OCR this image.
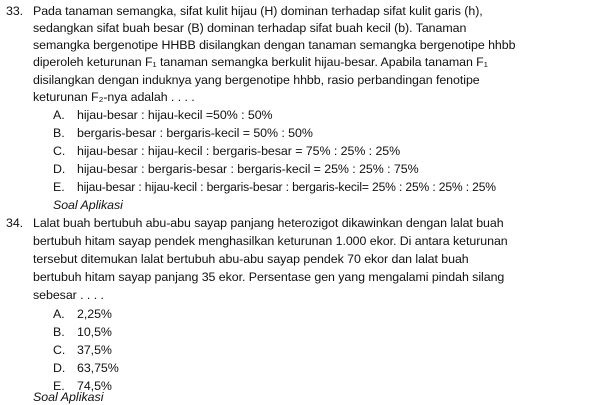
33. Pada tanaman semangka, sifat kulit hijau (H) dominan terhadap sifat kulit garis (h),
sedangkan sifat buah besar (B) dominan terhadap sifat buah kecil (b). Tanaman
semangka bergenotipe HHBB disilangkan dengan tanaman semangka bergenotipe hhbb
diperoleh keturunan F₁ tanaman semangka berkulit hijau-besar. Apabila tanaman F₁
disilangkan dengan induknya yang bergenotipe hhbb, rasio perbandingan fenotipe
keturunan F₂-nya adalah . . . .
A. hijau-besar : hijau-kecil =50% : 50%
B. bergaris-besar : bergaris-kecil = 50% : 50%
C. hijau-besar : hijau-kecil : bergaris-besar = 75% : 25% : 25%
D. hijau-besar : bergaris-besar : bergaris-kecil = 25% : 25% : 75%
E. hijau-besar : hijau-kecil : bergaris-besar : bergaris-kecil= 25% : 25% : 25% : 25%
Soal Aplikasi
34. Lalat buah bertubuh abu-abu sayap panjang heterozigot dikawinkan dengan lalat buah
bertubuh hitam sayap pendek menghasilkan keturunan 1.000 ekor. Di antara keturunan
tersebut ditemukan lalat bertubuh abu-abu sayap pendek 70 ekor dan lalat buah
bertubuh hitam sayap panjang 35 ekor. Persentase gen yang mengalami pindah silang
sebesar . . . .
A. 2,25%
B. 10,5%
C. 37,5%
D. 63,75%
E. 74,5%
Soal Aplikasi
